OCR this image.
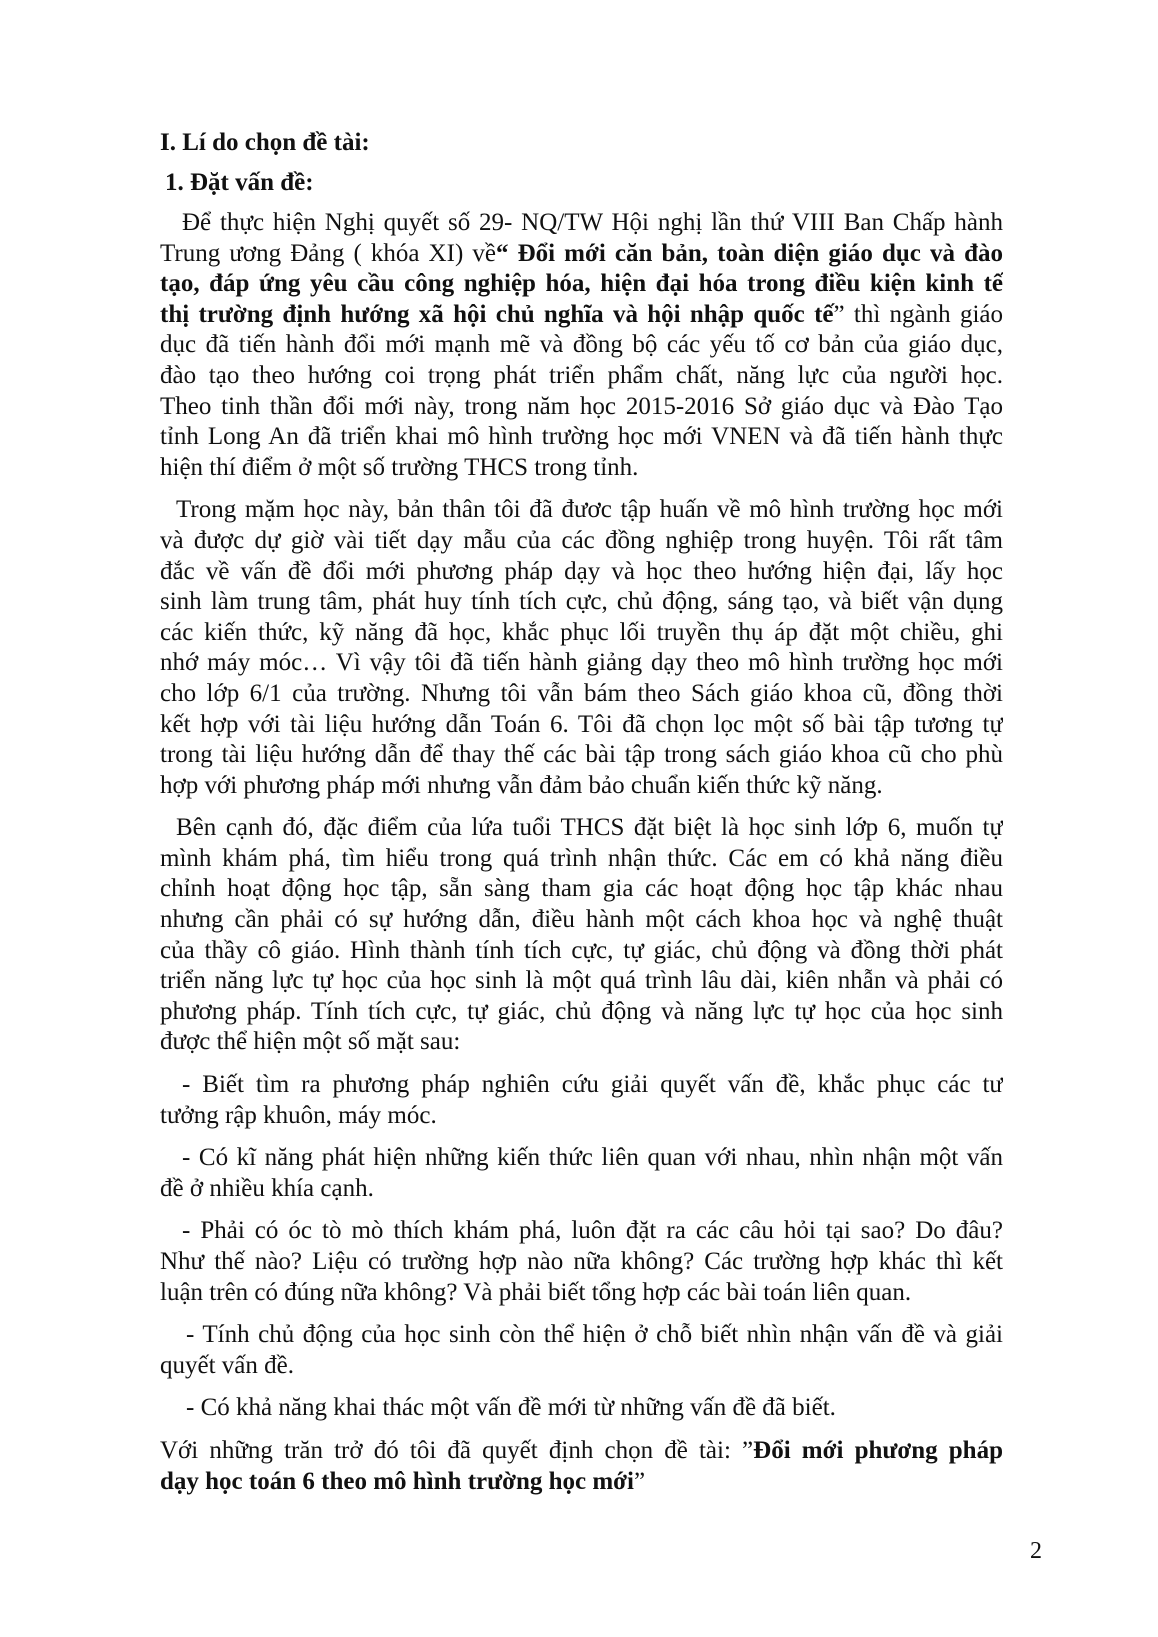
I. Lí do chọn đề tài:
1. Đặt vấn đề:
Để thực hiện Nghị quyết số 29- NQ/TW Hội nghị lần thứ VIII Ban Chấp hành
Trung ương Đảng ( khóa XI) về“ Đổi mới căn bản, toàn diện giáo dục và đào
tạo, đáp ứng yêu cầu công nghiệp hóa, hiện đại hóa trong điều kiện kinh tế
thị trường định hướng xã hội chủ nghĩa và hội nhập quốc tế” thì ngành giáo
dục đã tiến hành đổi mới mạnh mẽ và đồng bộ các yếu tố cơ bản của giáo dục,
đào tạo theo hướng coi trọng phát triển phẩm chất, năng lực của người học.
Theo tinh thần đổi mới này, trong năm học 2015-2016 Sở giáo dục và Đào Tạo
tỉnh Long An đã triển khai mô hình trường học mới VNEN và đã tiến hành thực
hiện thí điểm ở một số trường THCS trong tỉnh.
Trong mặm học này, bản thân tôi đã đươc tập huấn về mô hình trường học mới
và được dự giờ vài tiết dạy mẫu của các đồng nghiệp trong huyện. Tôi rất tâm
đắc về vấn đề đổi mới phương pháp dạy và học theo hướng hiện đại, lấy học
sinh làm trung tâm, phát huy tính tích cực, chủ động, sáng tạo, và biết vận dụng
các kiến thức, kỹ năng đã học, khắc phục lối truyền thụ áp đặt một chiều, ghi
nhớ máy móc… Vì vậy tôi đã tiến hành giảng dạy theo mô hình trường học mới
cho lớp 6/1 của trường. Nhưng tôi vẫn bám theo Sách giáo khoa cũ, đồng thời
kết hợp với tài liệu hướng dẫn Toán 6. Tôi đã chọn lọc một số bài tập tương tự
trong tài liệu hướng dẫn để thay thế các bài tập trong sách giáo khoa cũ cho phù
hợp với phương pháp mới nhưng vẫn đảm bảo chuẩn kiến thức kỹ năng.
Bên cạnh đó, đặc điểm của lứa tuổi THCS đặt biệt là học sinh lớp 6, muốn tự
mình khám phá, tìm hiểu trong quá trình nhận thức. Các em có khả năng điều
chỉnh hoạt động học tập, sẵn sàng tham gia các hoạt động học tập khác nhau
nhưng cần phải có sự hướng dẫn, điều hành một cách khoa học và nghệ thuật
của thầy cô giáo. Hình thành tính tích cực, tự giác, chủ động và đồng thời phát
triển năng lực tự học của học sinh là một quá trình lâu dài, kiên nhẫn và phải có
phương pháp. Tính tích cực, tự giác, chủ động và năng lực tự học của học sinh
được thể hiện một số mặt sau:
- Biết tìm ra phương pháp nghiên cứu giải quyết vấn đề, khắc phục các tư
tưởng rập khuôn, máy móc.
- Có kĩ năng phát hiện những kiến thức liên quan với nhau, nhìn nhận một vấn
đề ở nhiều khía cạnh.
- Phải có óc tò mò thích khám phá, luôn đặt ra các câu hỏi tại sao? Do đâu?
Như thế nào? Liệu có trường hợp nào nữa không? Các trường hợp khác thì kết
luận trên có đúng nữa không? Và phải biết tổng hợp các bài toán liên quan.
- Tính chủ động của học sinh còn thể hiện ở chỗ biết nhìn nhận vấn đề và giải
quyết vấn đề.
- Có khả năng khai thác một vấn đề mới từ những vấn đề đã biết.
Với những trăn trở đó tôi đã quyết định chọn đề tài: ”Đổi mới phương pháp
dạy học toán 6 theo mô hình trường học mới”
2
